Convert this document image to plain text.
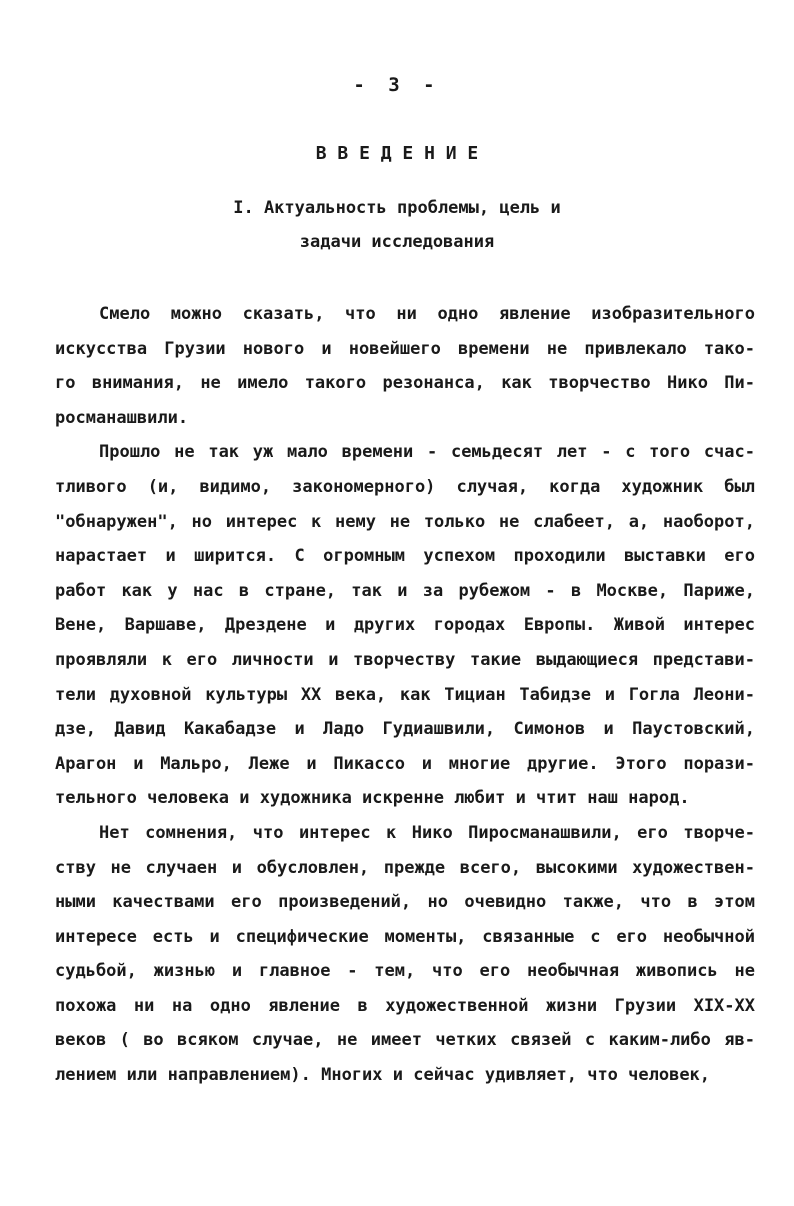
- 3 -
В В Е Д Е Н И Е
I. Актуальность проблемы, цель и
задачи исследования
Смело можно сказать, что ни одно явление изобразительного
искусства Грузии нового и новейшего времени не привлекало тако-
го внимания, не имело такого резонанса, как творчество Нико Пи-
росманашвили.
Прошло не так уж мало времени - семьдесят лет - с того счас-
тливого (и, видимо, закономерного) случая, когда художник был
"обнаружен", но интерес к нему не только не слабеет, а, наоборот,
нарастает и ширится. С огромным успехом проходили выставки его
работ как у нас в стране, так и за рубежом - в Москве, Париже,
Вене, Варшаве, Дрездене и других городах Европы. Живой интерес
проявляли к его личности и творчеству такие выдающиеся представи-
тели духовной культуры XX века, как Тициан Табидзе и Гогла Леони-
дзе, Давид Какабадзе и Ладо Гудиашвили, Симонов и Паустовский,
Арагон и Мальро, Леже и Пикассо и многие другие. Этого порази-
тельного человека и художника искренне любит и чтит наш народ.
Нет сомнения, что интерес к Нико Пиросманашвили, его творче-
ству не случаен и обусловлен, прежде всего, высокими художествен-
ными качествами его произведений, но очевидно также, что в этом
интересе есть и специфические моменты, связанные с его необычной
судьбой, жизнью и главное - тем, что его необычная живопись не
похожа ни на одно явление в художественной жизни Грузии XIX-XX
веков ( во всяком случае, не имеет четких связей с каким-либо яв-
лением или направлением). Многих и сейчас удивляет, что человек,
